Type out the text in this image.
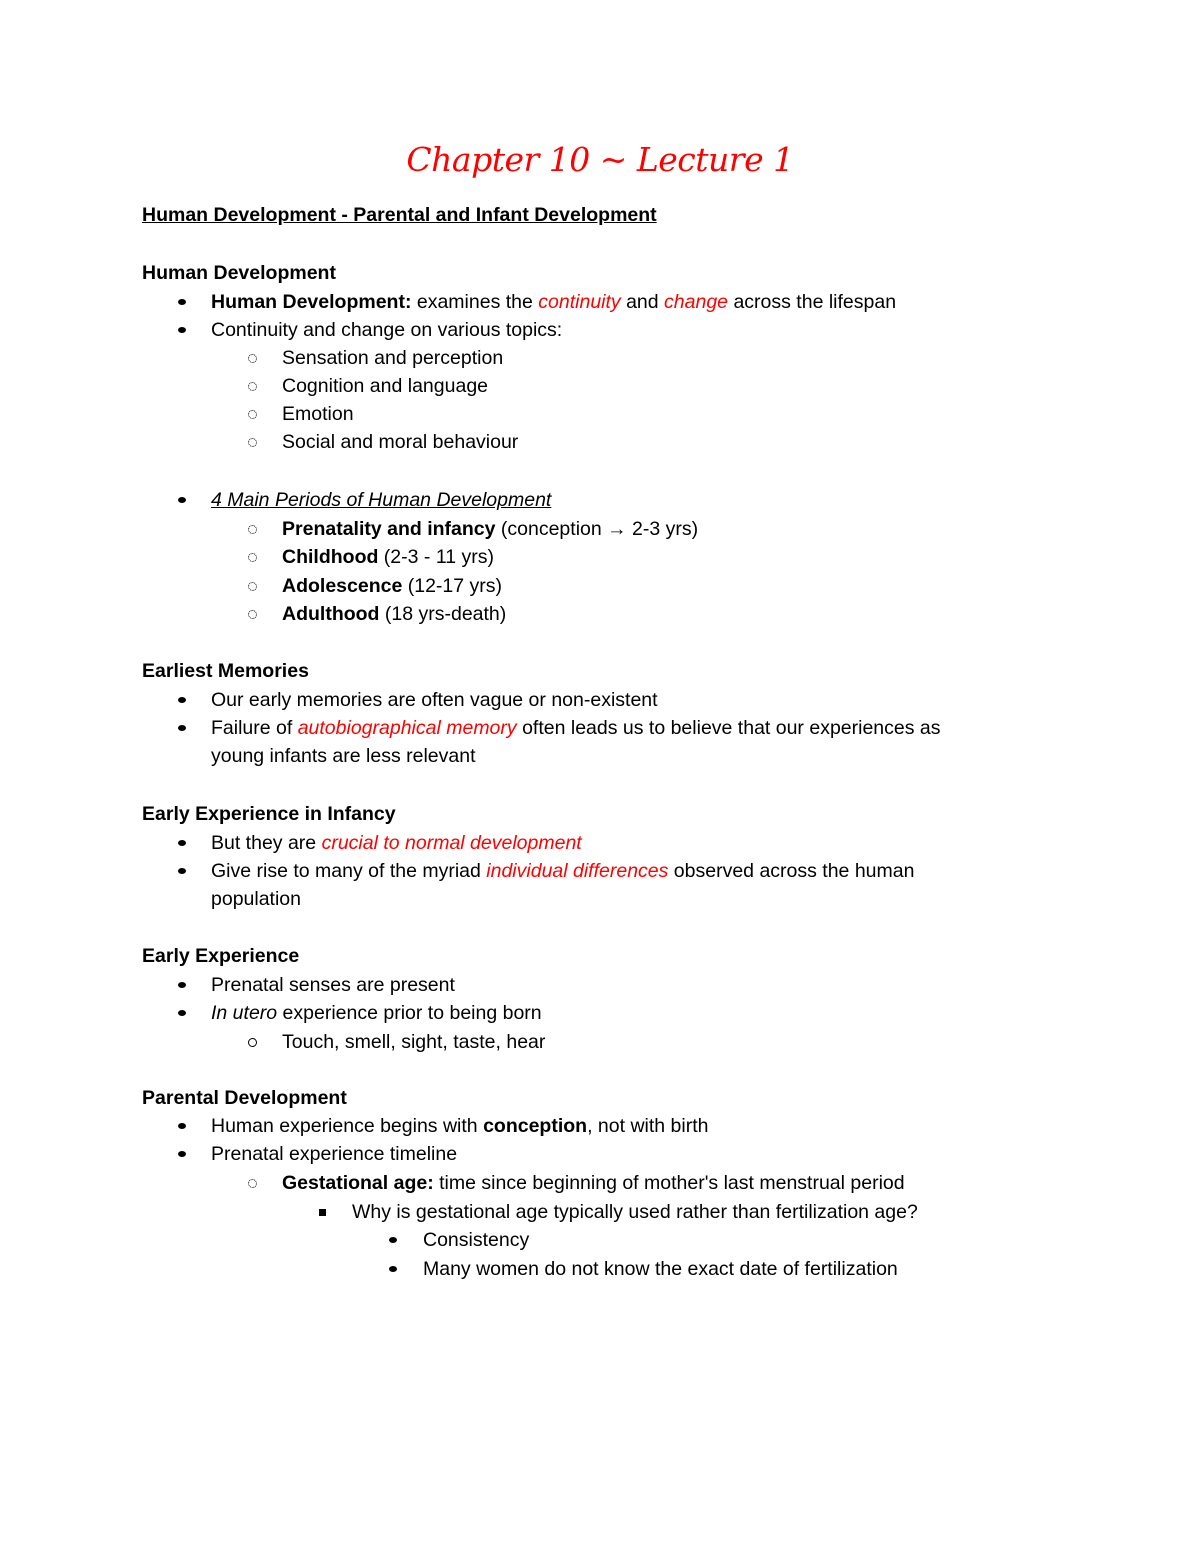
Chapter 10 ~ Lecture 1
Human Development - Parental and Infant Development
Human Development
Human Development: examines the continuity and change across the lifespan
Continuity and change on various topics:
Sensation and perception
Cognition and language
Emotion
Social and moral behaviour
4 Main Periods of Human Development
Prenatality and infancy (conception → 2-3 yrs)
Childhood (2-3 - 11 yrs)
Adolescence (12-17 yrs)
Adulthood (18 yrs-death)
Earliest Memories
Our early memories are often vague or non-existent
Failure of autobiographical memory often leads us to believe that our experiences as
young infants are less relevant
Early Experience in Infancy
But they are crucial to normal development
Give rise to many of the myriad individual differences observed across the human
population
Early Experience
Prenatal senses are present
In utero experience prior to being born
Touch, smell, sight, taste, hear
Parental Development
Human experience begins with conception, not with birth
Prenatal experience timeline
Gestational age: time since beginning of mother's last menstrual period
Why is gestational age typically used rather than fertilization age?
Consistency
Many women do not know the exact date of fertilization
